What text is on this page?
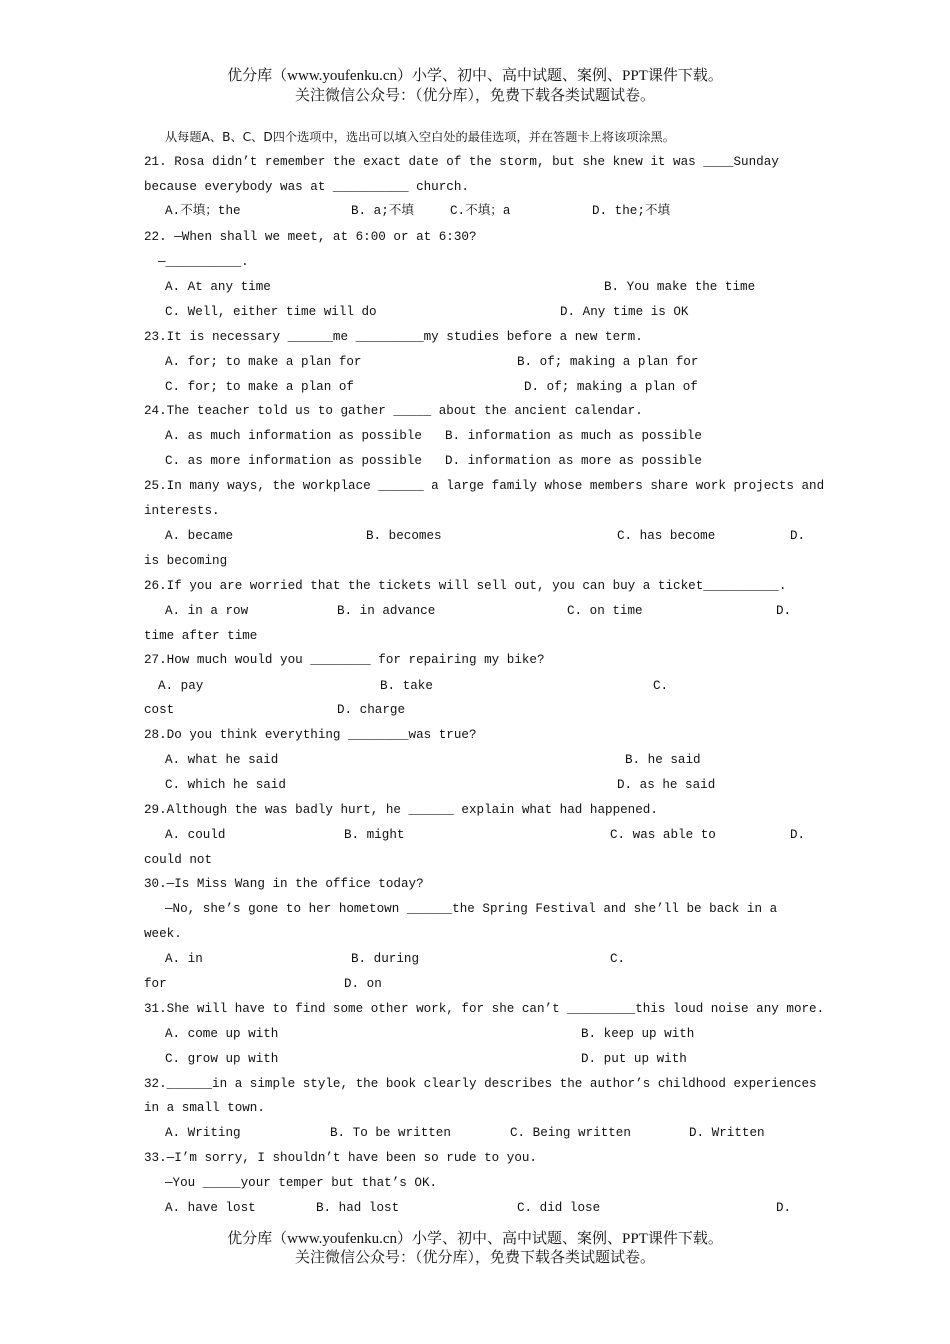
优分库（www.youfenku.cn）小学、初中、高中试题、案例、PPT课件下载。
关注微信公众号：（优分库），免费下载各类试题试卷。
从每题A、B、C、D四个选项中，选出可以填入空白处的最佳选项，并在答题卡上将该项涂黑。
21. Rosa didn’t remember the exact date of the storm, but she knew it was ____Sunday
because everybody was at __________ church.
A.不填；the	B. a;不填	C.不填；a	D. the;不填
22. —When shall we meet, at 6:00 or at 6:30?
—__________.
A. At any time	B. You make the time
C. Well, either time will do	D. Any time is OK
23.It is necessary ______me _________my studies before a new term.
A. for; to make a plan for	B. of; making a plan for
C. for; to make a plan of	D. of; making a plan of
24.The teacher told us to gather _____ about the ancient calendar.
A. as much information as possible B. information as much as possible
C. as more information as possible D. information as more as possible
25.In many ways, the workplace ______ a large family whose members share work projects and
interests.
A. became	B. becomes	C. has become	D.
is becoming
26.If you are worried that the tickets will sell out, you can buy a ticket__________.
A. in a row	B. in advance	C. on time	D.
time after time
27.How much would you ________ for repairing my bike?
A. pay	B. take	C.
cost	D. charge
28.Do you think everything ________was true?
A. what he said	B. he said
C. which he said	D. as he said
29.Although the was badly hurt, he ______ explain what had happened.
A. could	B. might	C. was able to	D.
could not
30.—Is Miss Wang in the office today?
—No, she’s gone to her hometown ______the Spring Festival and she’ll be back in a
week.
A. in	B. during	C.
for	D. on
31.She will have to find some other work, for she can’t _________this loud noise any more.
A. come up with	B. keep up with
C. grow up with	D. put up with
32.______in a simple style, the book clearly describes the author’s childhood experiences
in a small town.
A. Writing	B. To be written	C. Being written	D. Written
33.—I’m sorry, I shouldn’t have been so rude to you.
—You _____your temper but that’s OK.
A. have lost	B. had lost	C. did lose	D.
优分库（www.youfenku.cn）小学、初中、高中试题、案例、PPT课件下载。
关注微信公众号：（优分库），免费下载各类试题试卷。
